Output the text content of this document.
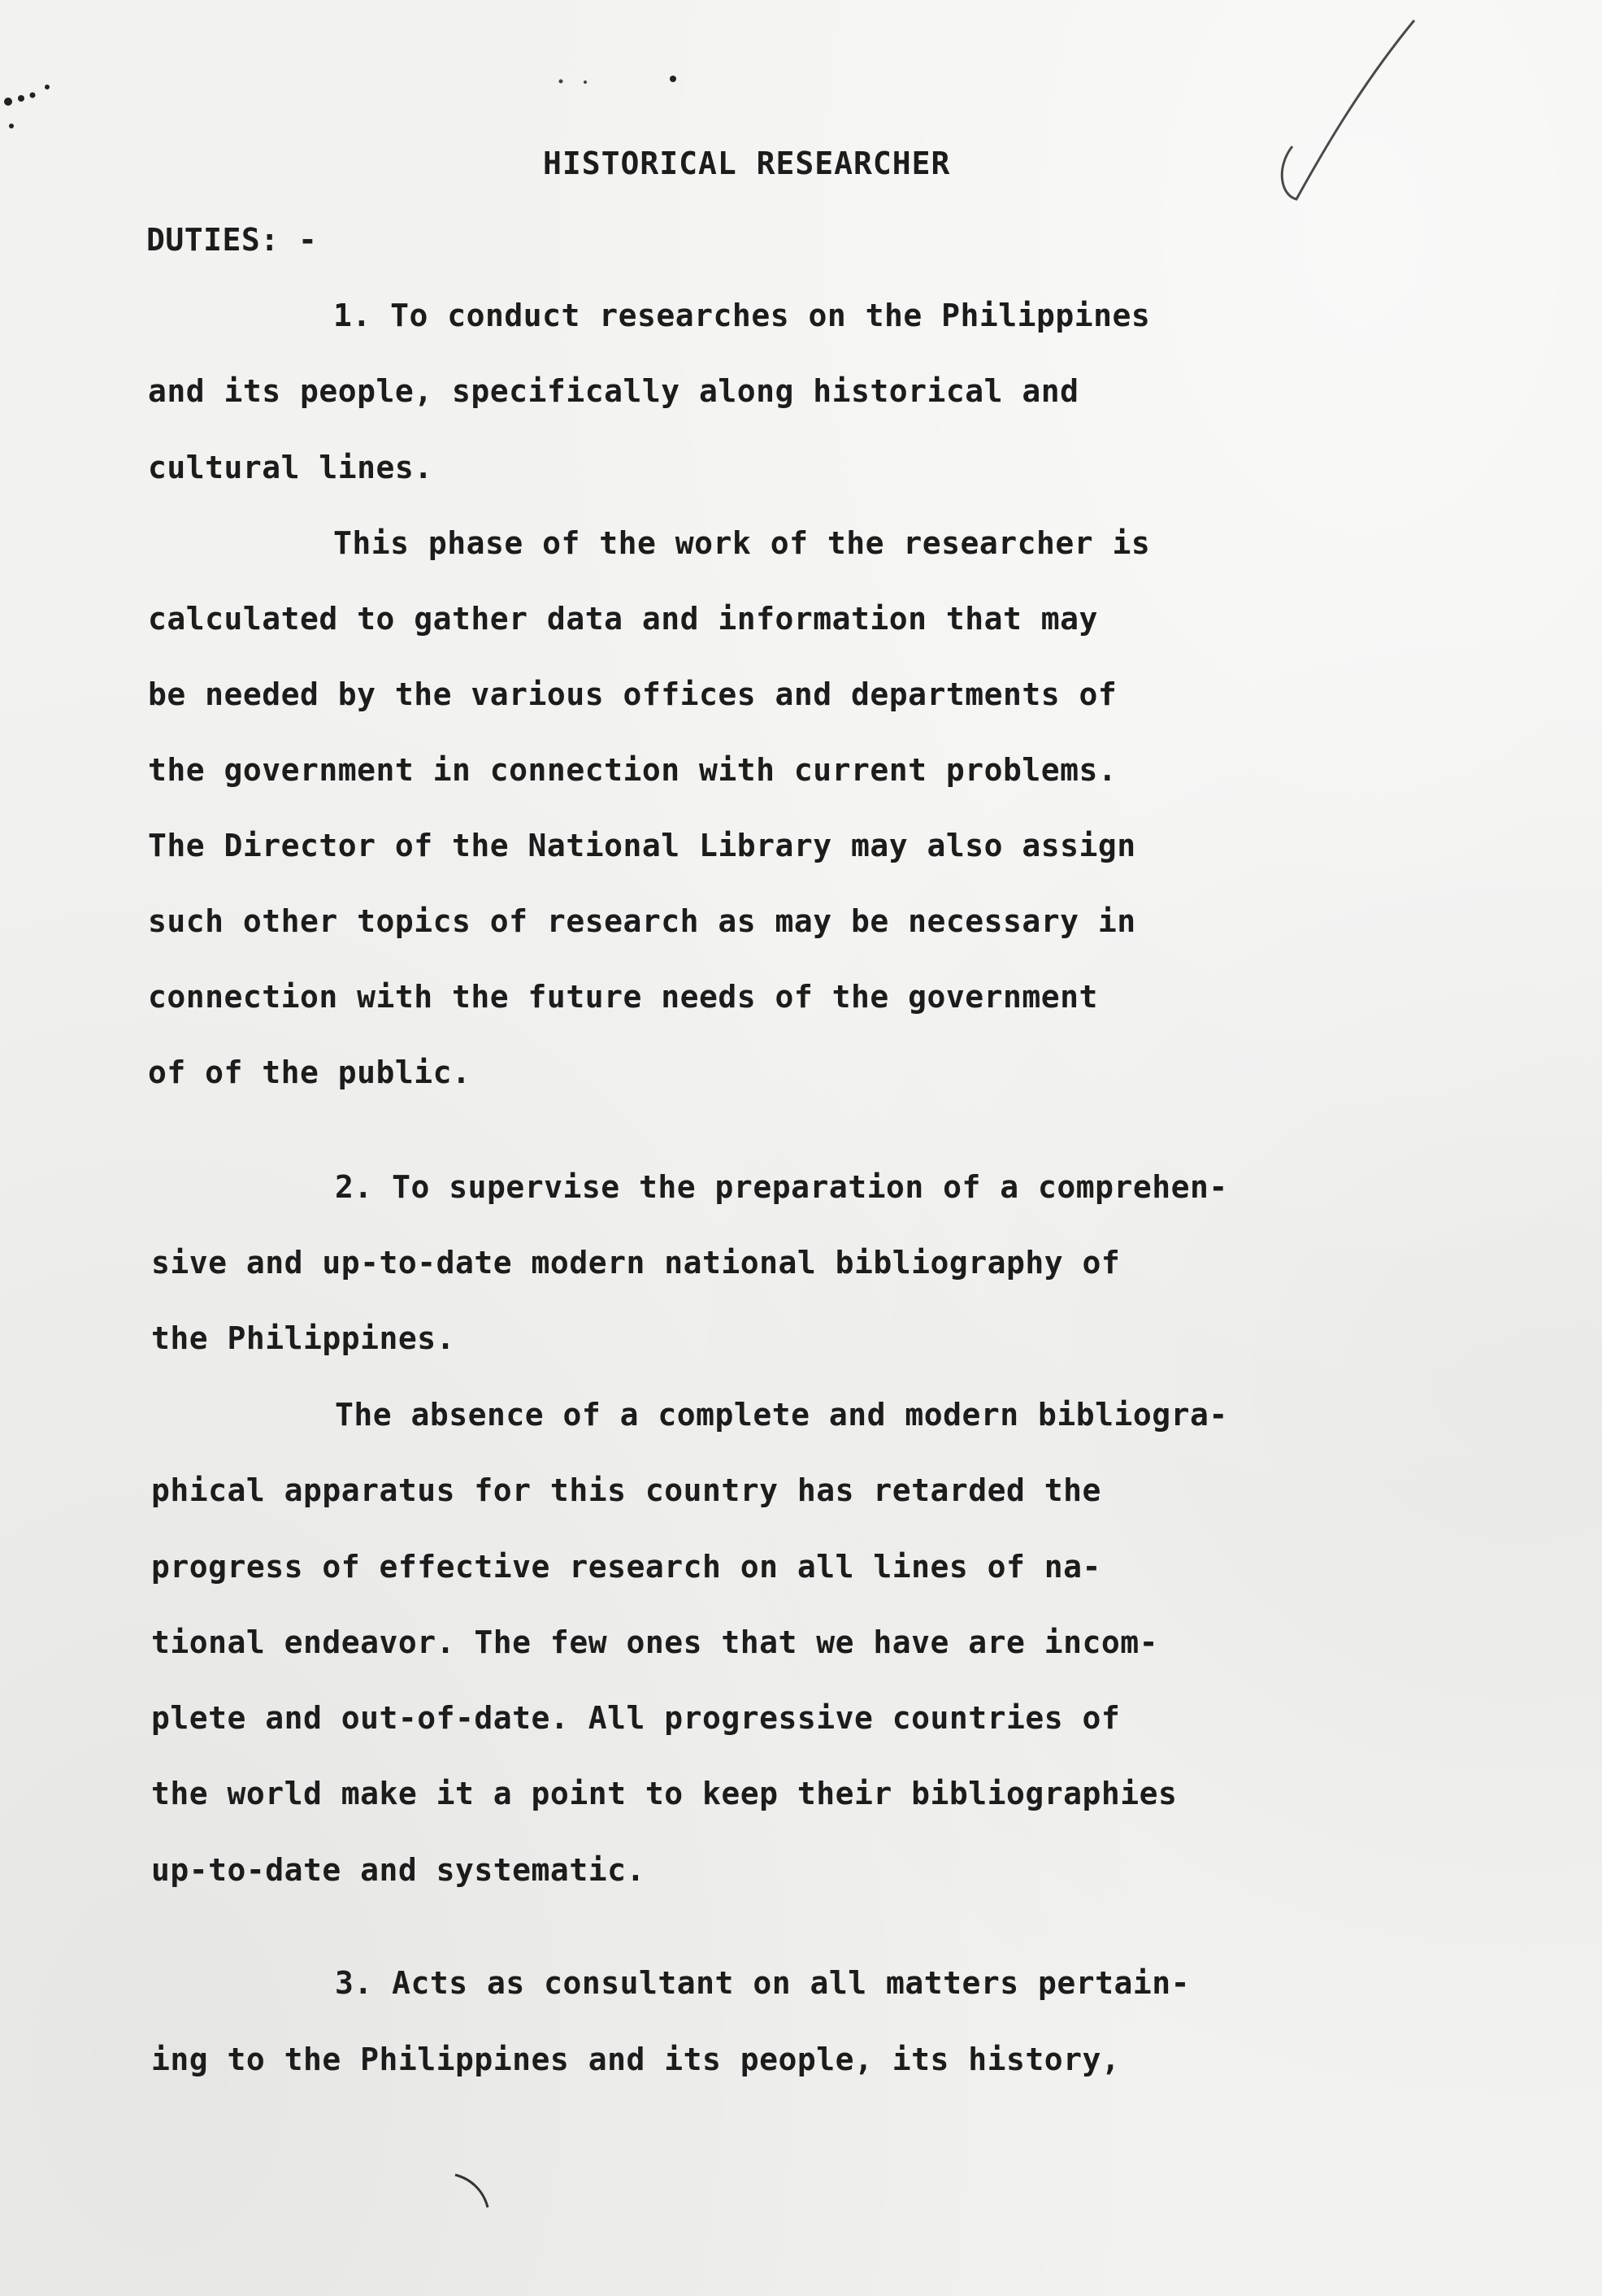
HISTORICAL RESEARCHER
DUTIES: -
1. To conduct researches on the Philippines
and its people, specifically along historical and
cultural lines.
This phase of the work of the researcher is
calculated to gather data and information that may
be needed by the various offices and departments of
the government in connection with current problems.
The Director of the National Library may also assign
such other topics of research as may be necessary in
connection with the future needs of the government
of of the public.
2. To supervise the preparation of a comprehen-
sive and up-to-date modern national bibliography of
the Philippines.
The absence of a complete and modern bibliogra-
phical apparatus for this country has retarded the
progress of effective research on all lines of na-
tional endeavor. The few ones that we have are incom-
plete and out-of-date. All progressive countries of
the world make it a point to keep their bibliographies
up-to-date and systematic.
3. Acts as consultant on all matters pertain-
ing to the Philippines and its people, its history,
